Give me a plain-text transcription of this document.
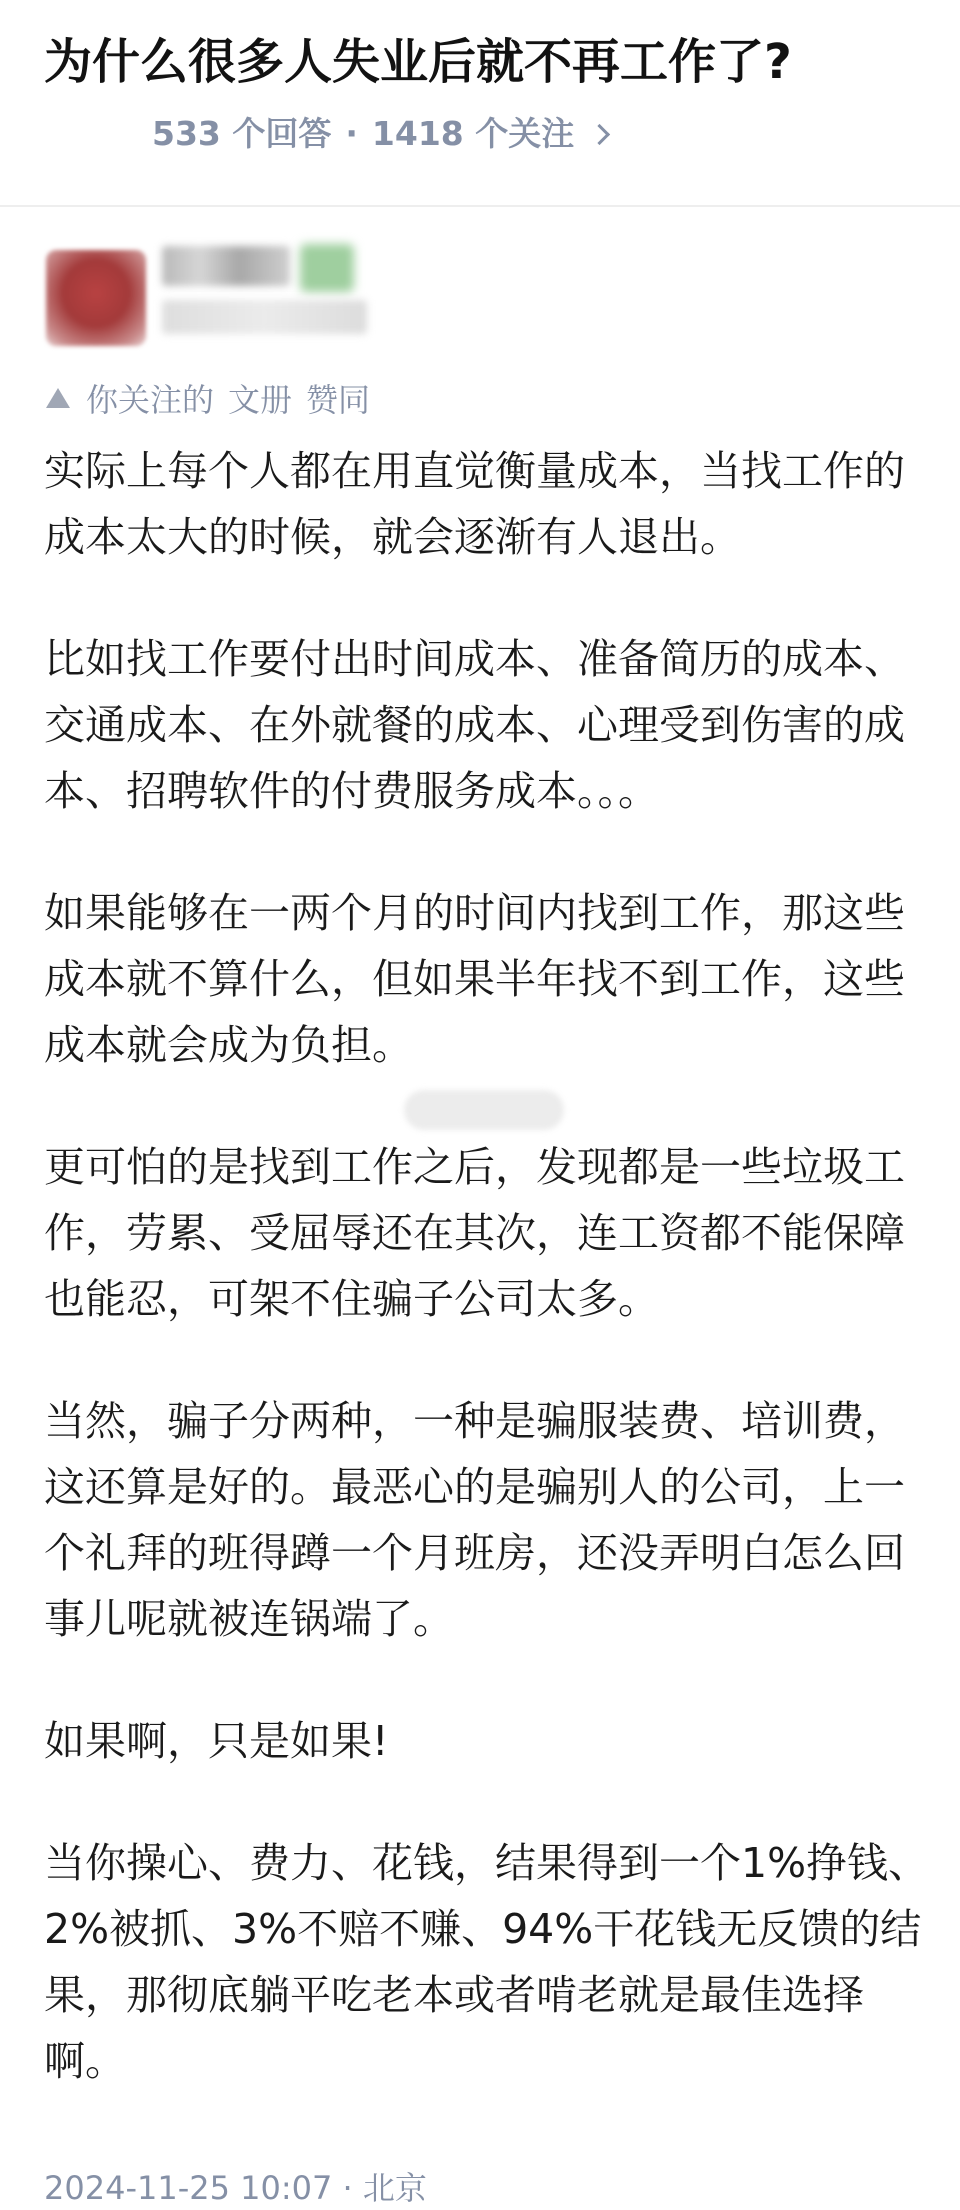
为什么很多人失业后就不再工作了?
533 个回答 · 1418 个关注
你关注的 文册 赞同

实际上每个人都在用直觉衡量成本，当找工作的成本太大的时候，就会逐渐有人退出。

比如找工作要付出时间成本、准备简历的成本、交通成本、在外就餐的成本、心理受到伤害的成本、招聘软件的付费服务成本。。。

如果能够在一两个月的时间内找到工作，那这些成本就不算什么，但如果半年找不到工作，这些成本就会成为负担。

更可怕的是找到工作之后，发现都是一些垃圾工作，劳累、受屈辱还在其次，连工资都不能保障也能忍，可架不住骗子公司太多。

当然，骗子分两种，一种是骗服装费、培训费，这还算是好的。最恶心的是骗别人的公司，上一个礼拜的班得蹲一个月班房，还没弄明白怎么回事儿呢就被连锅端了。

如果啊，只是如果!

当你操心、费力、花钱，结果得到一个1%挣钱、2%被抓、3%不赔不赚、94%干花钱无反馈的结果，那彻底躺平吃老本或者啃老就是最佳选择啊。

2024-11-25 10:07 · 北京
